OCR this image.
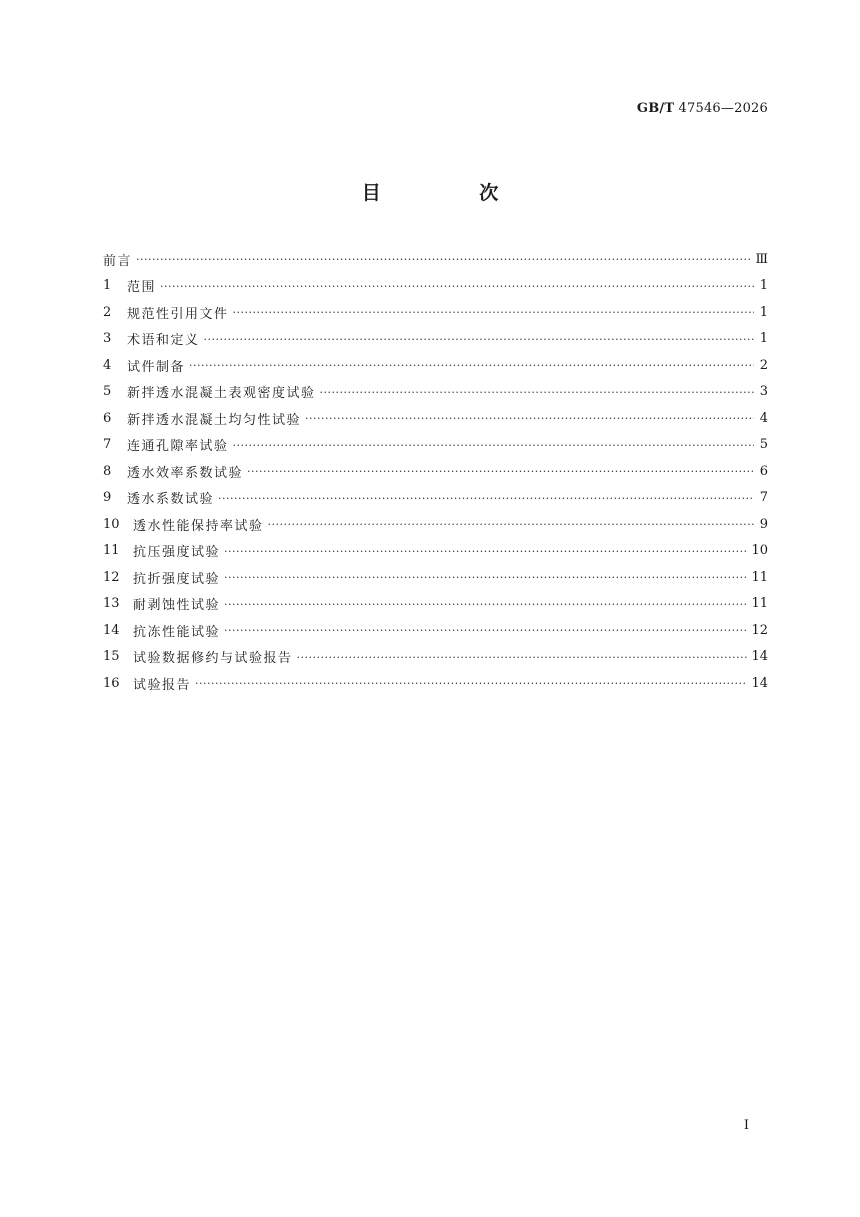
GB/T 47546—2026
目 次
前言 ·····	Ⅲ
1	范围 ·····	1
2	规范性引用文件 ·····	1
3	术语和定义 ·····	1
4	试件制备 ·····	2
5	新拌透水混凝土表观密度试验 ·····	3
6	新拌透水混凝土均匀性试验 ·····	4
7	连通孔隙率试验 ·····	5
8	透水效率系数试验 ·····	6
9	透水系数试验 ·····	7
10	透水性能保持率试验 ·····	9
11	抗压强度试验 ·····	10
12	抗折强度试验 ·····	11
13	耐剥蚀性试验 ·····	11
14	抗冻性能试验 ·····	12
15	试验数据修约与试验报告 ·····	14
16	试验报告 ·····	14
I
